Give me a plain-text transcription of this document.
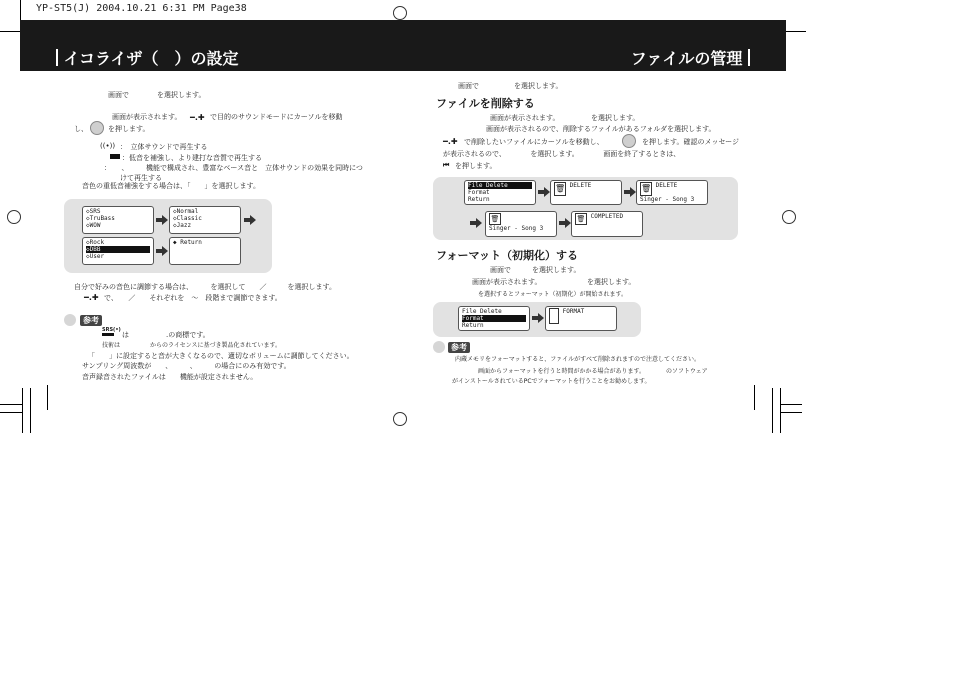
YP-ST5(J) 2004.10.21 6:31 PM Page38
イコライザ（　）の設定	ファイルの管理
画面で　　　　を選択します。
画面が表示されます。 ━.✚ で目的のサウンドモードにカーソルを移動
し、	を押します。
((•)) ：　立体サウンドで再生する
：低音を補強し、より建打な音質で再生する
：　　、　　　機能で構成され、豊富なベース音と　立体サウンドの効果を同時につ
けて再生する
音色の重低音補強をする場合は、「　　」を選択します。
◇SRS
◇TruBass
◇WOW
◇Normal
◇Classic
◇Jazz
◇Rock
◇DBB
◇User
◆ Return
自分で好みの音色に調節する場合は、　　　を選択して　　／　　　を選択します。
━.✚ で、　　／　　それぞれを　～　段階まで調節できます。
参考
SRS(•)

は	.の商標です。
技術は　　　　　からのライセンスに基づき製品化されています。
「　　」に設定すると音が大きくなるので、適切なボリュームに調節してください。
サンプリング周波数が　　、　　　、　　　の場合にのみ有効です。
音声録音されたファイルは　　機能が設定されません。
画面で　　　　　を選択します。
ファイルを削除する
画面が表示されます。　　　　　を選択します。
画面が表示されるので、削除するファイルがあるフォルダを選択します。
━.✚ で削除したいファイルにカーソルを移動し、	を押します。確認のメッセージ
が表示されるので、　　　　を選択します。　　　　画面を終了するときは、
⏮ を押します。
File Delete
Format
Return
🗑 DELETE	🗑 DELETE
Singer - Song 3
🗑
Singer - Song 3
🗑 COMPLETED
フォーマット（初期化）する
画面で　　　を選択します。
画面が表示されます。　　　　　　　を選択します。
を選択するとフォーマット（初期化）が開始されます。
File Delete
Format
Return
FORMAT
参考
内蔵メモリをフォーマットすると、ファイルがすべて削除されますので注意してください。
画面からフォーマットを行うと時間がかかる場合があります。　　　　のソフトウェア
がインストールされているPCでフォーマットを行うことをお勧めします。
